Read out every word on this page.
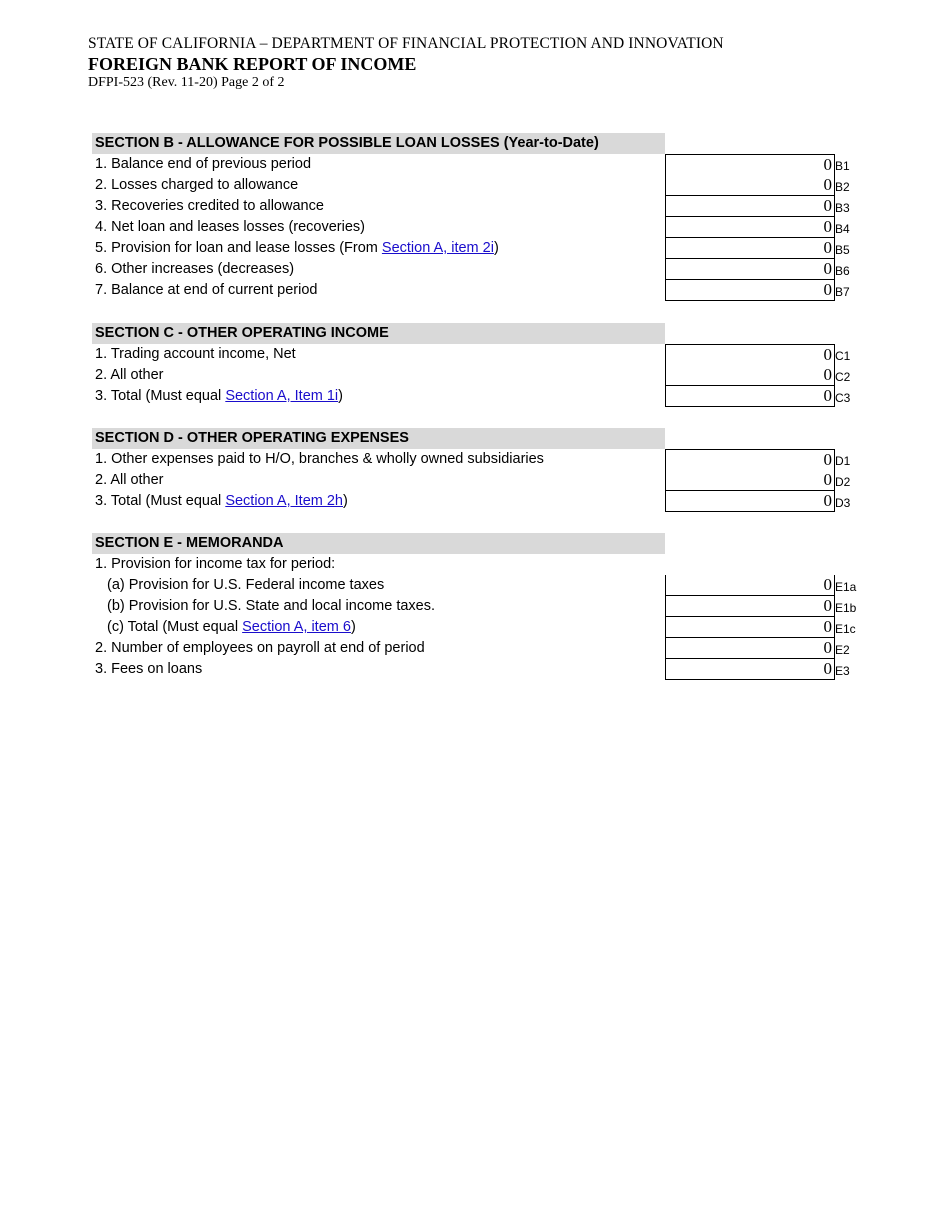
STATE OF CALIFORNIA – DEPARTMENT OF FINANCIAL PROTECTION AND INNOVATION
FOREIGN BANK REPORT OF INCOME
DFPI-523 (Rev. 11-20) Page 2 of 2
SECTION B - ALLOWANCE FOR POSSIBLE LOAN LOSSES (Year-to-Date)
1. Balance end of previous period	0 B1
2. Losses charged to allowance	0 B2
3. Recoveries credited to allowance	0 B3
4. Net loan and leases losses (recoveries)	0 B4
5. Provision for loan and lease losses (From Section A, item 2i)	0 B5
6. Other increases (decreases)	0 B6
7. Balance at end of current period	0 B7
SECTION C - OTHER OPERATING INCOME
1. Trading account income, Net	0 C1
2. All other	0 C2
3. Total (Must equal Section A, Item 1i)	0 C3
SECTION D - OTHER OPERATING EXPENSES
1. Other expenses paid to H/O, branches & wholly owned subsidiaries	0 D1
2. All other	0 D2
3. Total (Must equal Section A, Item 2h)	0 D3
SECTION E - MEMORANDA
1. Provision for income tax for period:
(a) Provision for U.S. Federal income taxes	0 E1a
(b) Provision for U.S. State and local income taxes.	0 E1b
(c) Total (Must equal Section A, item 6)	0 E1c
2. Number of employees on payroll at end of period	0 E2
3. Fees on loans	0 E3
